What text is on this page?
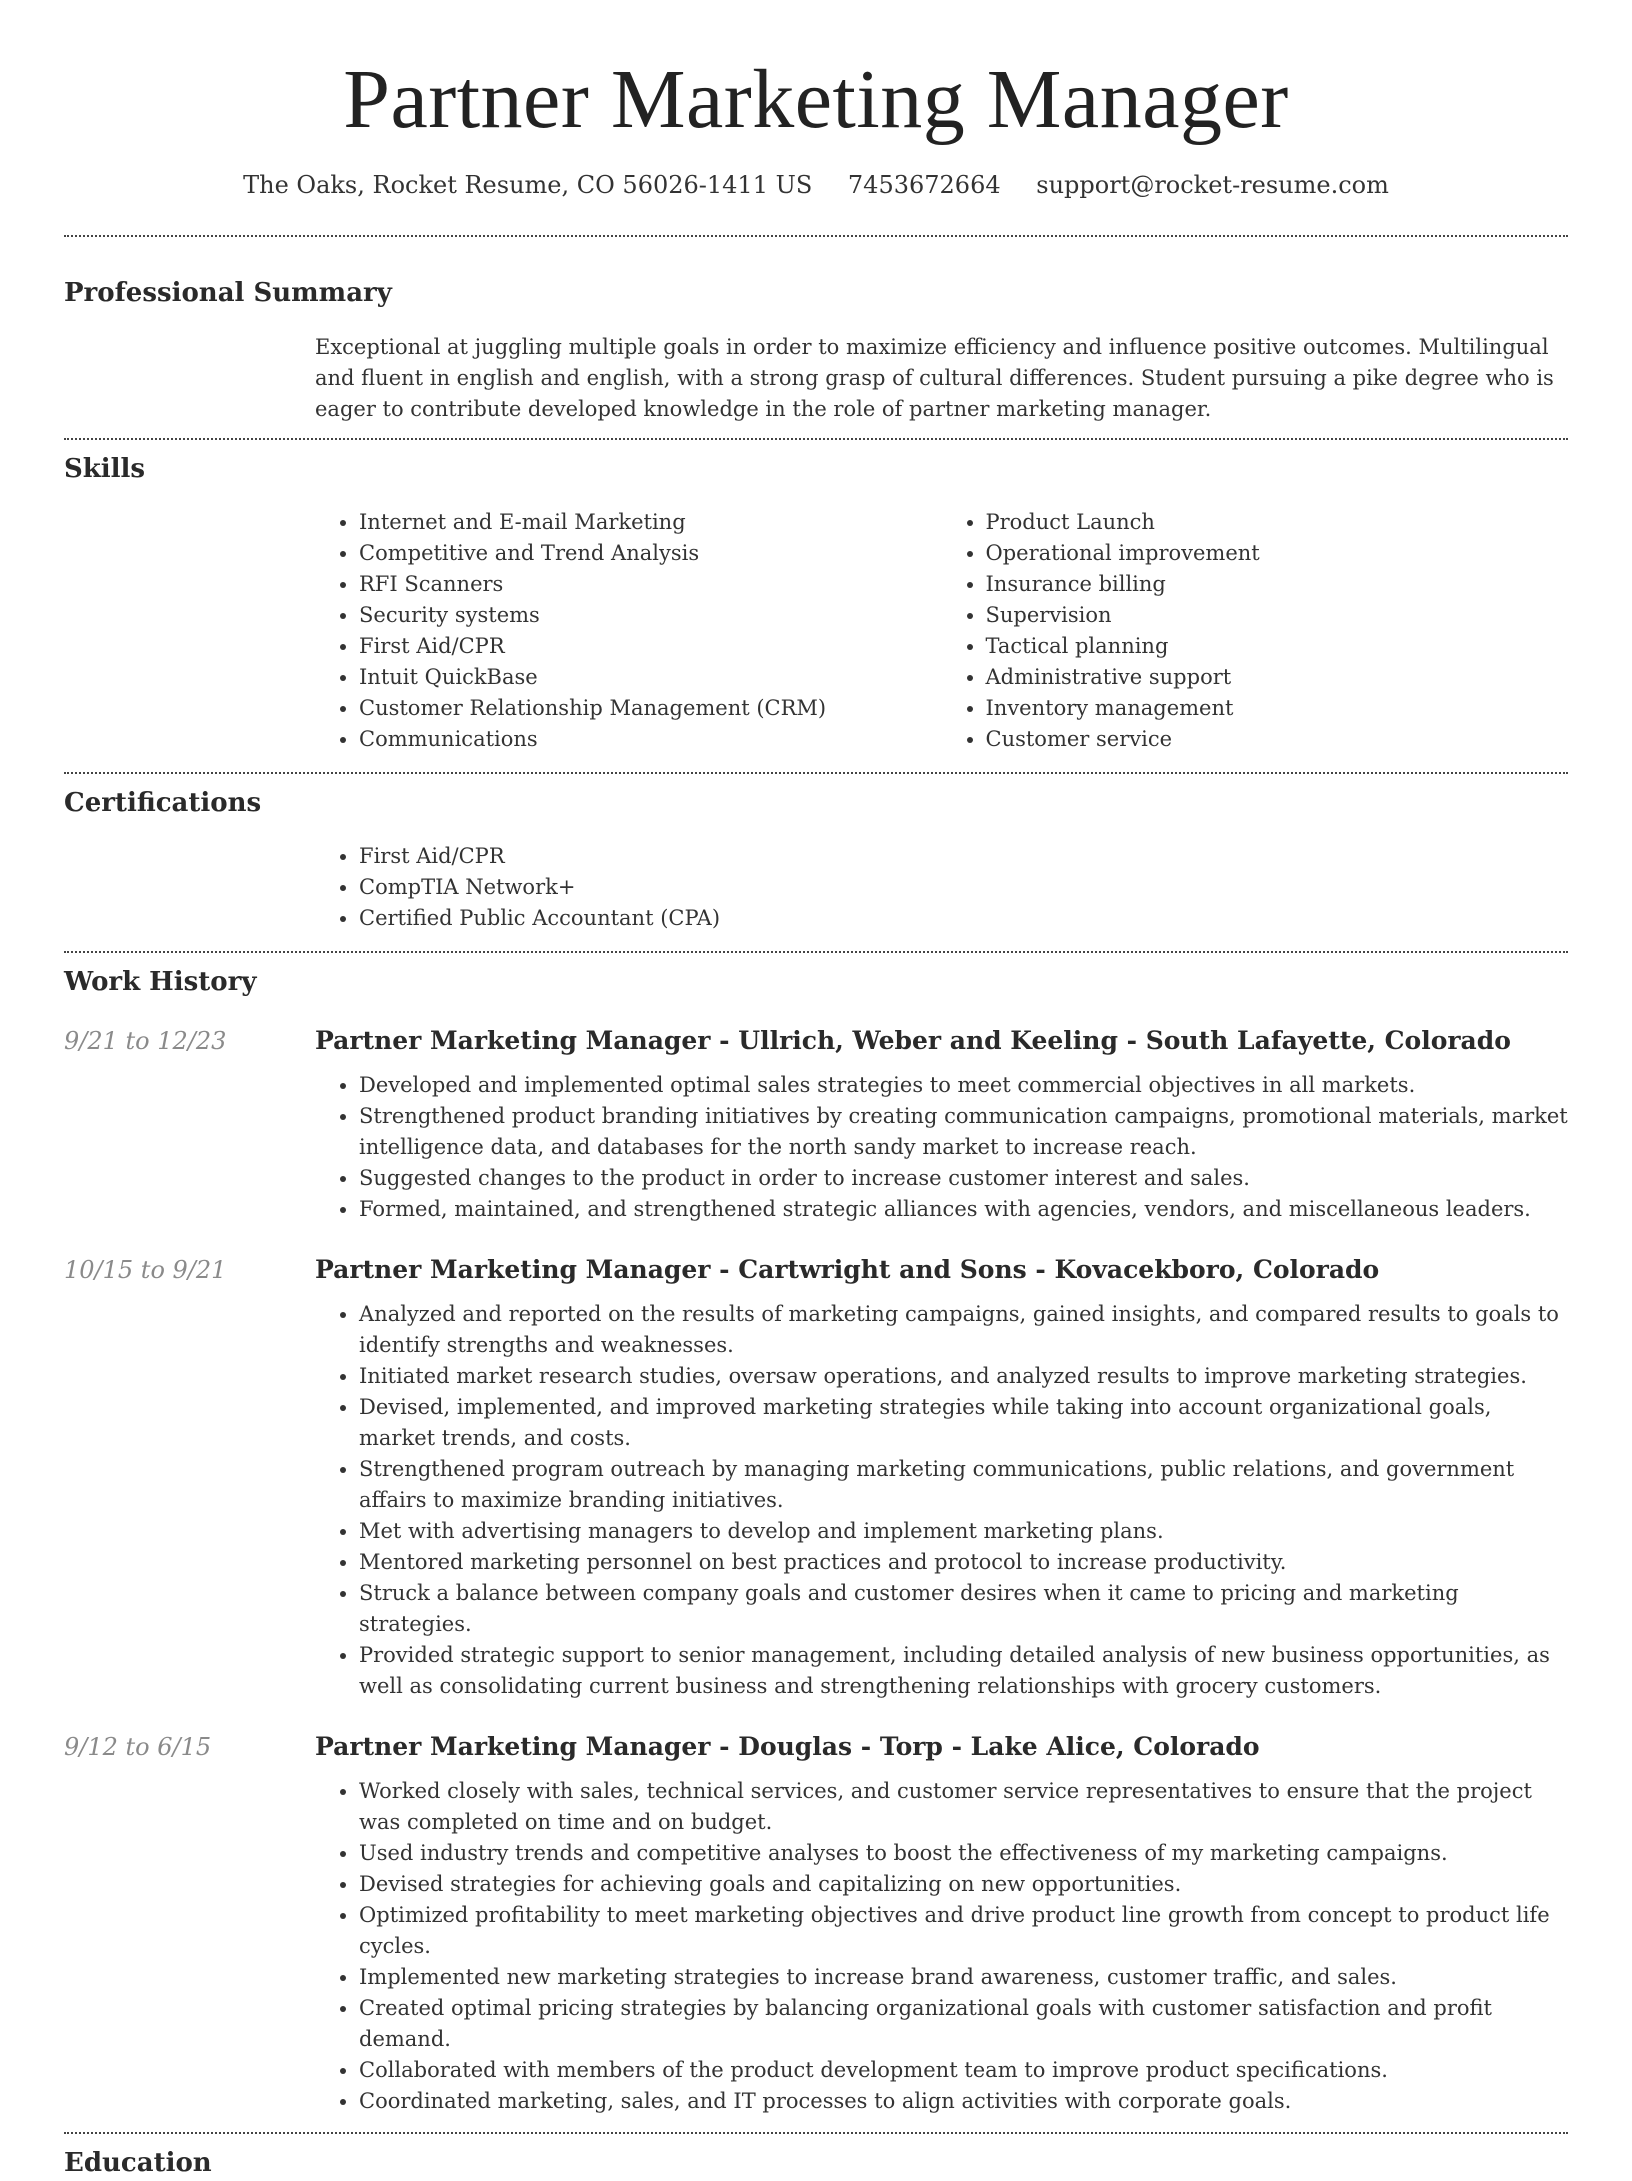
Partner Marketing Manager
The Oaks, Rocket Resume, CO 56026-1411 US 7453672664 support@rocket-resume.com
Professional Summary
Exceptional at juggling multiple goals in order to maximize efficiency and influence positive outcomes. Multilingual and fluent in english and english, with a strong grasp of cultural differences. Student pursuing a pike degree who is eager to contribute developed knowledge in the role of partner marketing manager.
Skills
• Internet and E-mail Marketing
• Competitive and Trend Analysis
• RFI Scanners
• Security systems
• First Aid/CPR
• Intuit QuickBase
• Customer Relationship Management (CRM)
• Communications
• Product Launch
• Operational improvement
• Insurance billing
• Supervision
• Tactical planning
• Administrative support
• Inventory management
• Customer service
Certifications
• First Aid/CPR
• CompTIA Network+
• Certified Public Accountant (CPA)
Work History
9/21 to 12/23	Partner Marketing Manager - Ullrich, Weber and Keeling - South Lafayette, Colorado
• Developed and implemented optimal sales strategies to meet commercial objectives in all markets.
• Strengthened product branding initiatives by creating communication campaigns, promotional materials, market intelligence data, and databases for the north sandy market to increase reach.
• Suggested changes to the product in order to increase customer interest and sales.
• Formed, maintained, and strengthened strategic alliances with agencies, vendors, and miscellaneous leaders.
10/15 to 9/21	Partner Marketing Manager - Cartwright and Sons - Kovacekboro, Colorado
• Analyzed and reported on the results of marketing campaigns, gained insights, and compared results to goals to identify strengths and weaknesses.
• Initiated market research studies, oversaw operations, and analyzed results to improve marketing strategies.
• Devised, implemented, and improved marketing strategies while taking into account organizational goals, market trends, and costs.
• Strengthened program outreach by managing marketing communications, public relations, and government affairs to maximize branding initiatives.
• Met with advertising managers to develop and implement marketing plans.
• Mentored marketing personnel on best practices and protocol to increase productivity.
• Struck a balance between company goals and customer desires when it came to pricing and marketing strategies.
• Provided strategic support to senior management, including detailed analysis of new business opportunities, as well as consolidating current business and strengthening relationships with grocery customers.
9/12 to 6/15	Partner Marketing Manager - Douglas - Torp - Lake Alice, Colorado
• Worked closely with sales, technical services, and customer service representatives to ensure that the project was completed on time and on budget.
• Used industry trends and competitive analyses to boost the effectiveness of my marketing campaigns.
• Devised strategies for achieving goals and capitalizing on new opportunities.
• Optimized profitability to meet marketing objectives and drive product line growth from concept to product life cycles.
• Implemented new marketing strategies to increase brand awareness, customer traffic, and sales.
• Created optimal pricing strategies by balancing organizational goals with customer satisfaction and profit demand.
• Collaborated with members of the product development team to improve product specifications.
• Coordinated marketing, sales, and IT processes to align activities with corporate goals.
Education
